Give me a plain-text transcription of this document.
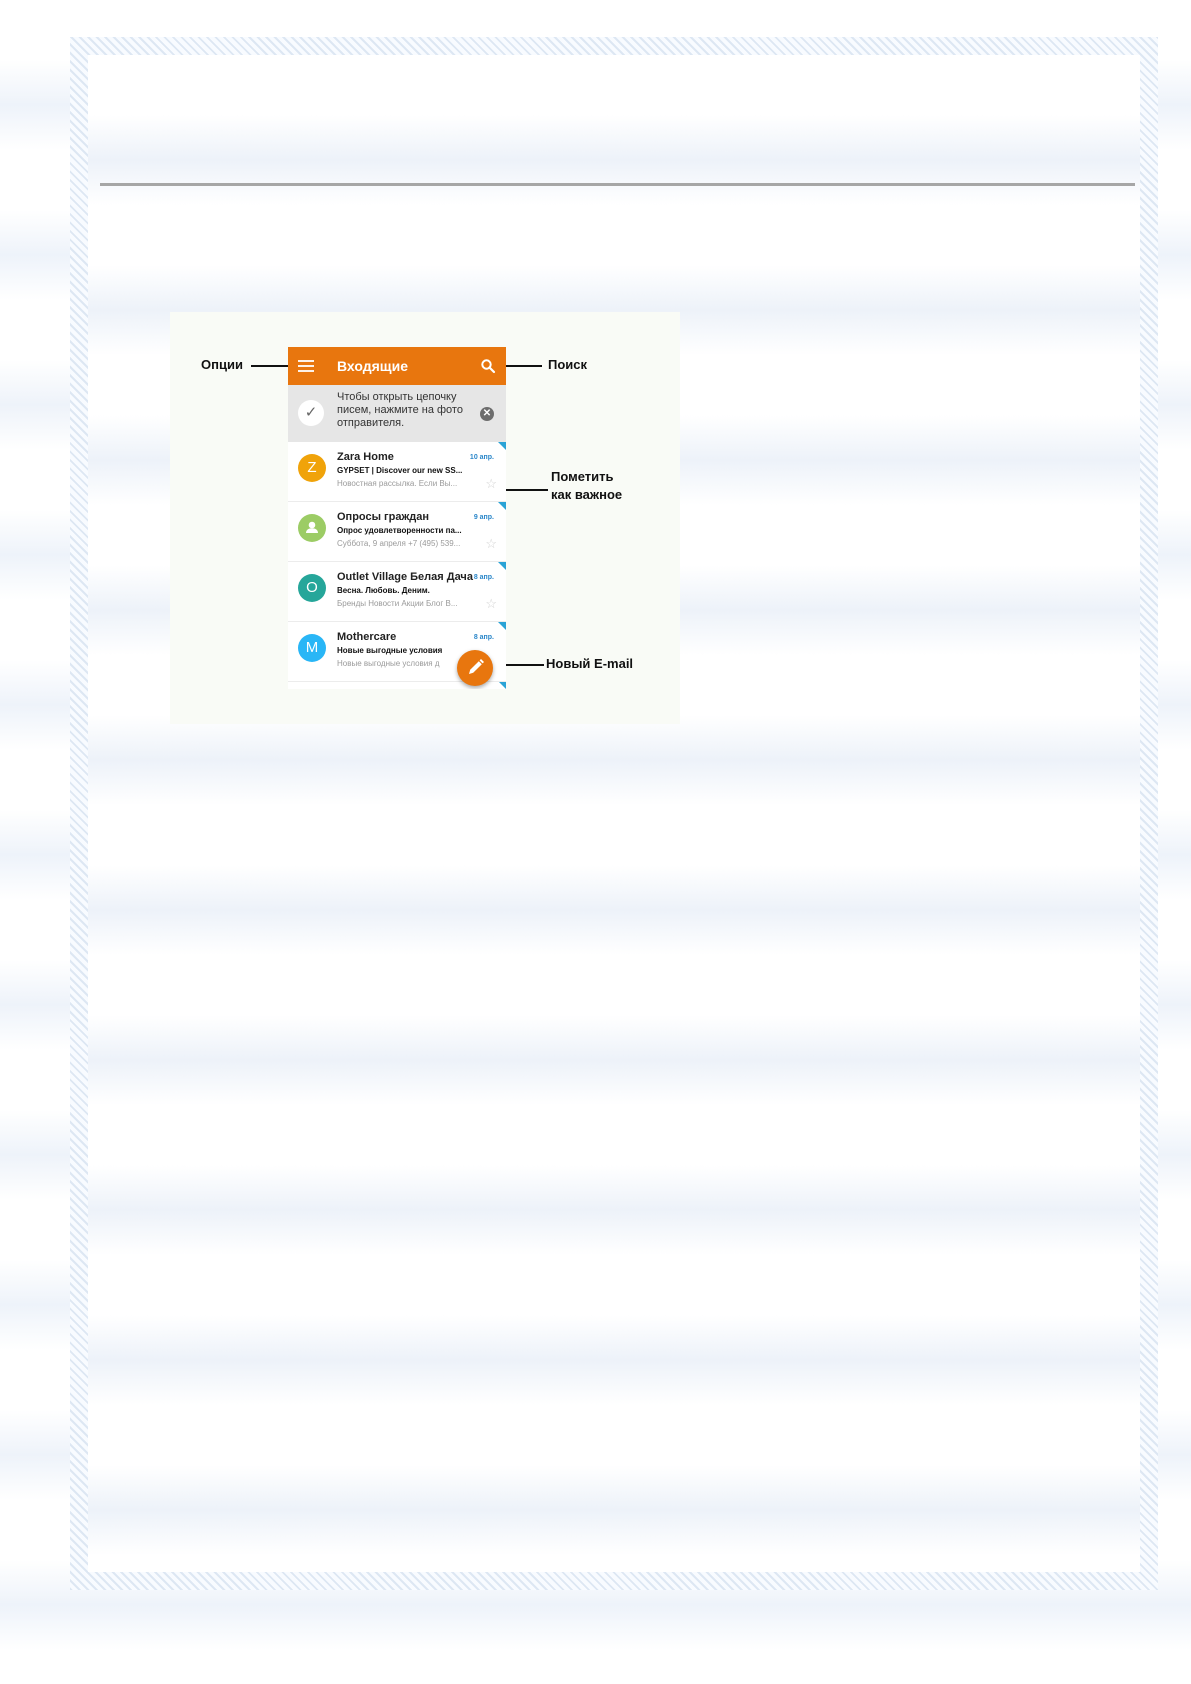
Опции	Поиск
Пометить
как важное
Новый E-mail
Входящие
✓
Чтобы открыть цепочку писем, нажмите на фото отправителя.
✕
Z
Zara Home	10 апр.
GYPSET | Discover our new SS...
Новостная рассылка. Если Вы... ☆
Опросы граждан	9 апр.
Опрос удовлетворенности па...
Суббота, 9 апреля +7 (495) 539... ☆
O
Outlet Village Белая Дача 8 апр.
Весна. Любовь. Деним.
Бренды Новости Акции Блог В... ☆
M
Mothercare	8 апр.
Новые выгодные условия
Новые выгодные условия д
